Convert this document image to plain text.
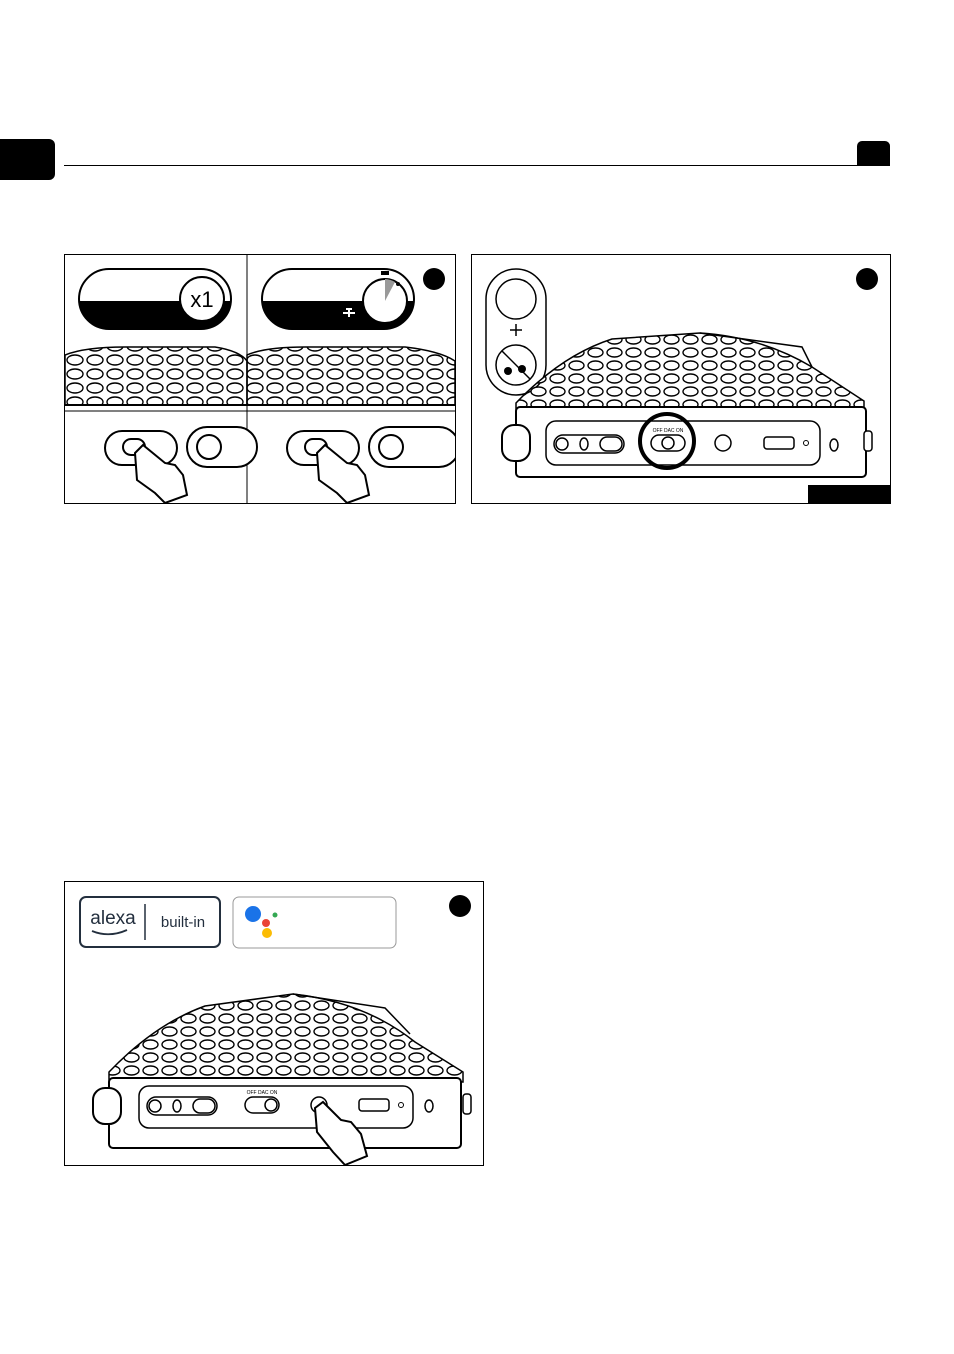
x1
OFF DAC ON
alexa built-in
OFF DAC ON
